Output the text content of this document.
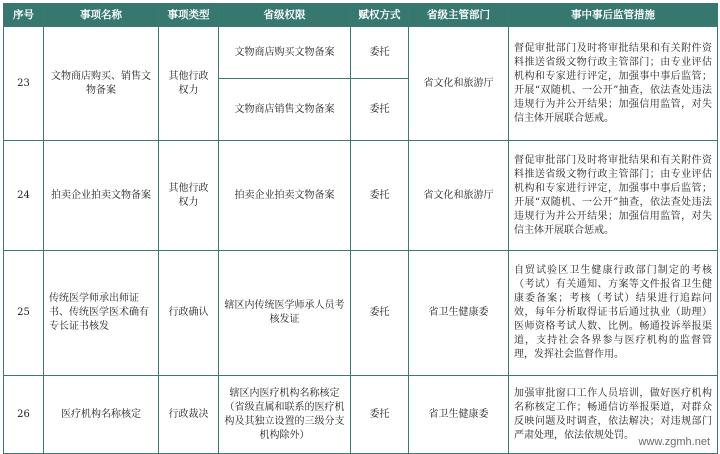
序号	事项名称	事项类型	省级权限	赋权方式	省级主管部门	事中事后监管措施
23	文物商店购买、销售文物备案	其他行政权力	文物商店购买文物备案	委托	省文化和旅游厅	督促审批部门及时将审批结果和有关附件资料推送省级文物行政主管部门；由专业评估机构和专家进行评定，加强事中事后监管；开展“双随机、一公开”抽查，依法查处违法违规行为并公开结果；加强信用监管，对失信主体开展联合惩戒。
			文物商店销售文物备案	委托		
24	拍卖企业拍卖文物备案	其他行政权力	拍卖企业拍卖文物备案	委托	省文化和旅游厅	督促审批部门及时将审批结果和有关附件资料推送省级文物行政主管部门；由专业评估机构和专家进行评定，加强事中事后监管；开展“双随机、一公开”抽查，依法查处违法违规行为并公开结果；加强信用监管，对失信主体开展联合惩戒。
25	传统医学师承出师证书、传统医学医术确有专长证书核发	行政确认	辖区内传统医学师承人员考核发证	委托	省卫生健康委	自贸试验区卫生健康行政部门制定的考核（考试）有关通知、方案等文件报省卫生健康委备案；考核（考试）结果进行追踪问效，每年分析取得证书后通过执业（助理）医师资格考试人数、比例。畅通投诉举报渠道，支持社会各界参与医疗机构的监督管理，发挥社会监督作用。
26	医疗机构名称核定	行政裁决	辖区内医疗机构名称核定（省级直属和联系的医疗机构及其独立设置的三级分支机构除外）	委托	省卫生健康委	加强审批窗口工作人员培训，做好医疗机构名称核定工作；畅通信访举报渠道，对群众反映问题及时调查，依法解决；对违规部门严肃处理，依法依规处罚。
www.zgmh.net
